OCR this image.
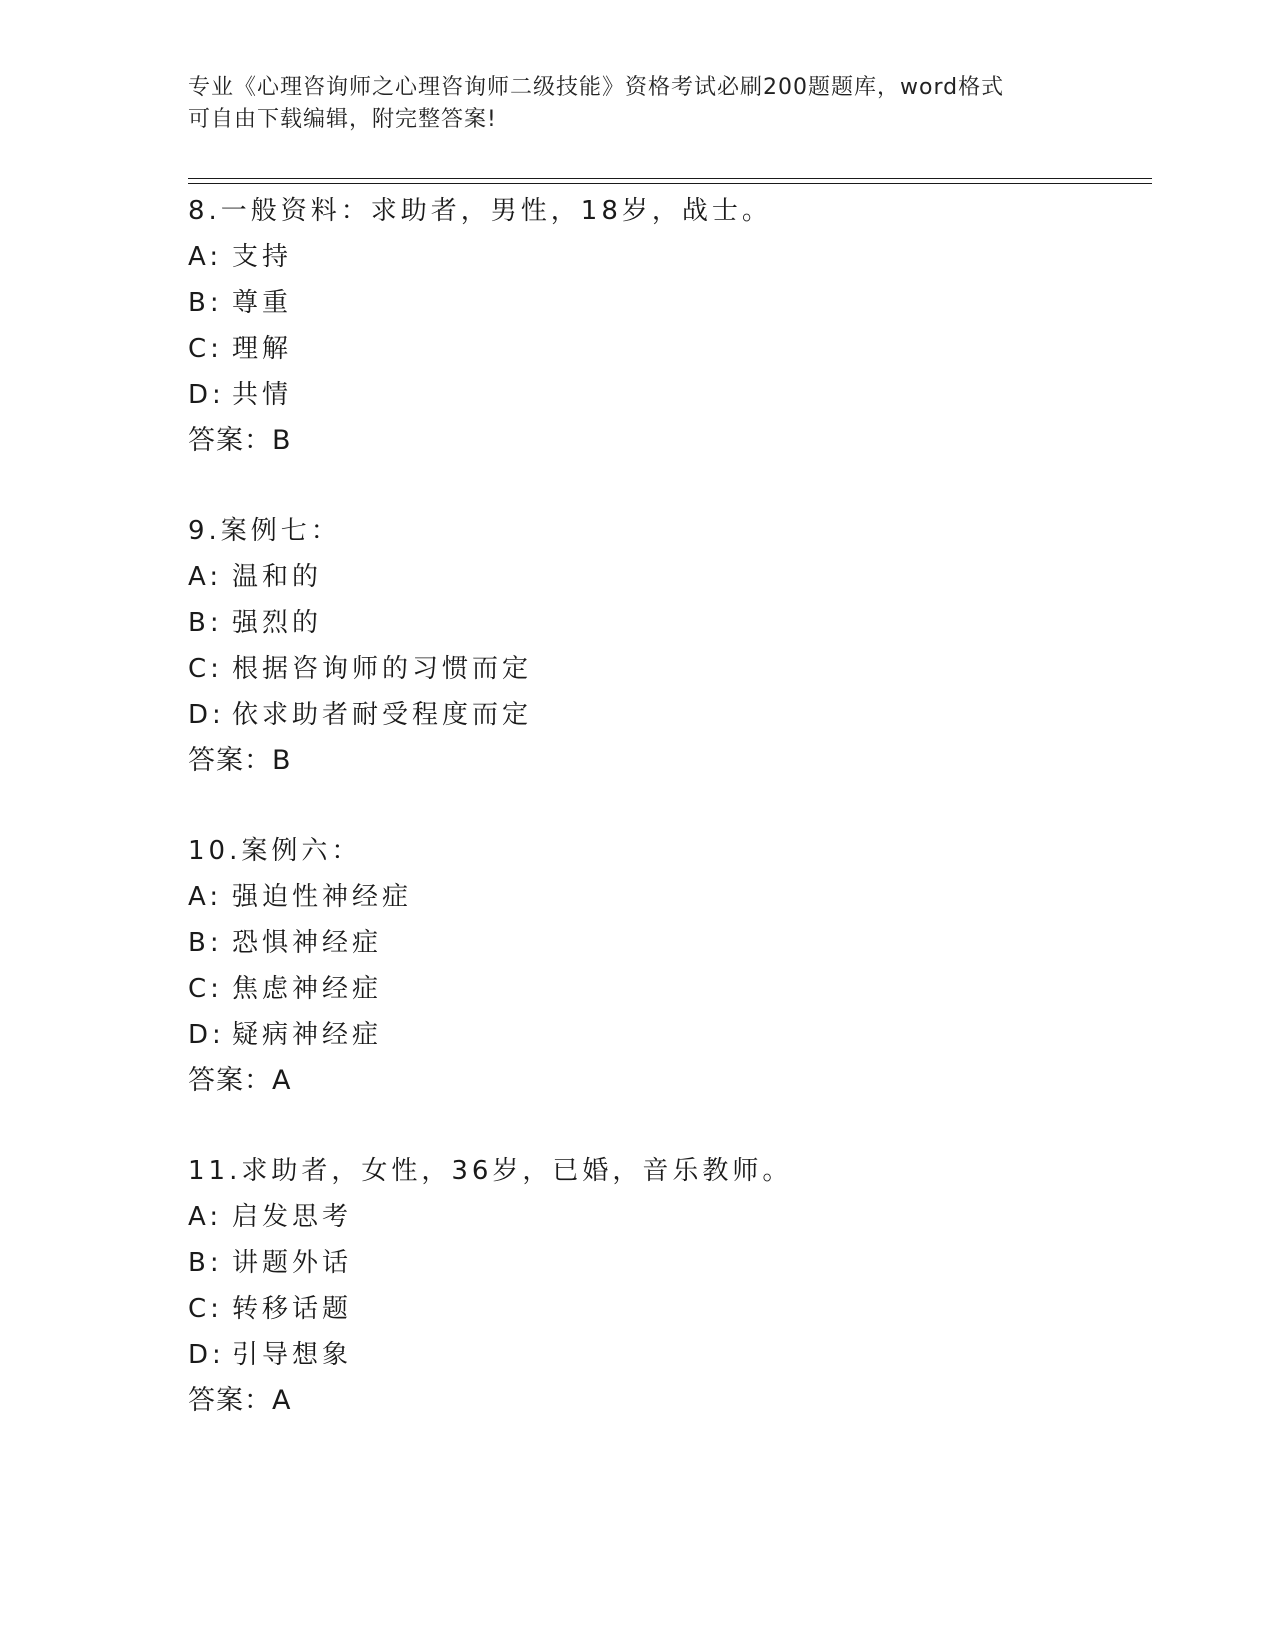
专业《心理咨询师之心理咨询师二级技能》资格考试必刷200题题库，word格式
可自由下载编辑，附完整答案!
8.一般资料：求助者，男性，18岁，战士。
A: 支持
B: 尊重
C: 理解
D: 共情
答案：B
9.案例七：
A: 温和的
B: 强烈的
C: 根据咨询师的习惯而定
D: 依求助者耐受程度而定
答案：B
10.案例六：
A: 强迫性神经症
B: 恐惧神经症
C: 焦虑神经症
D: 疑病神经症
答案：A
11.求助者，女性，36岁，已婚，音乐教师。
A: 启发思考
B: 讲题外话
C: 转移话题
D: 引导想象
答案：A
